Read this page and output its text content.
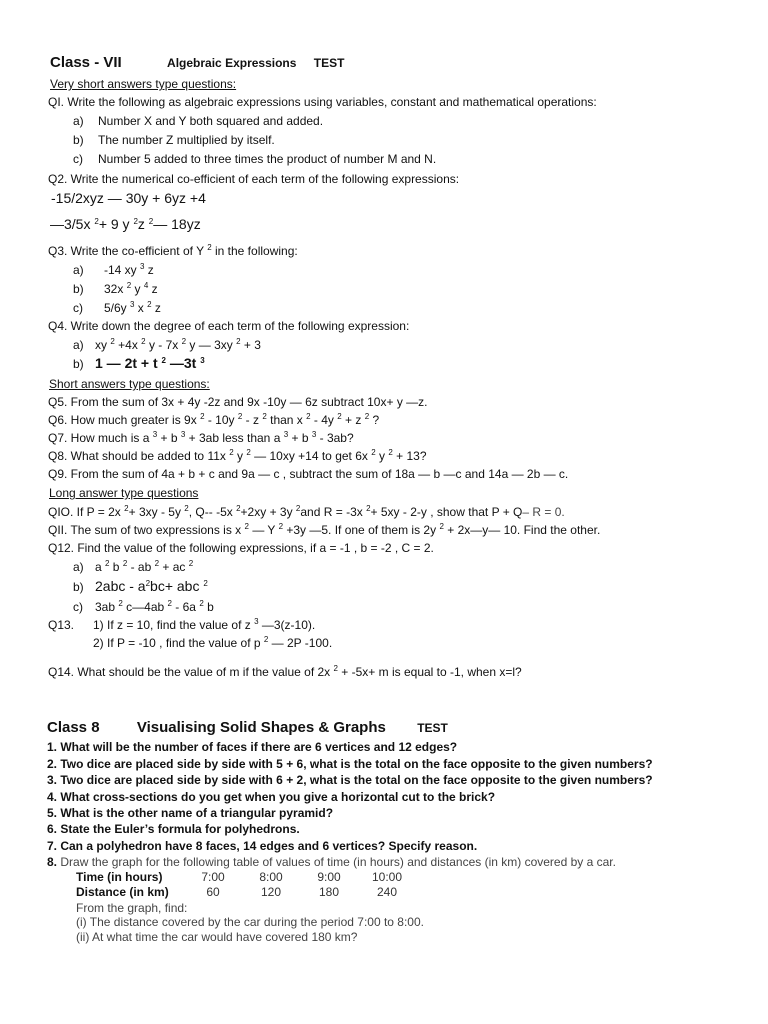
Class - VII	Algebraic Expressions TEST
Very short answers type questions:
QI. Write the following as algebraic expressions using variables, constant and mathematical operations:
a) Number X and Y both squared and added.
b) The number Z multiplied by itself.
c) Number 5 added to three times the product of number M and N.
Q2. Write the numerical co-efficient of each term of the following expressions:
-15/2xyz — 30y + 6yz +4
—3/5x $^2$+ 9 y $^2$z $^2$— 18yz
Q3. Write the co-efficient of Y $^2$ in the following:
a) -14 xy $^3$ z
b) 32x $^2$ y $^4$ z
c) 5/6y $^3$ x $^2$ z
Q4. Write down the degree of each term of the following expression:
a) xy $^2$ +4x $^2$ y - 7x $^2$ y — 3xy $^2$ + 3
b) 1 — 2t + t $^2$ —3t $^3$
Short answers type questions:
Q5. From the sum of 3x + 4y -2z and 9x -10y — 6z subtract 10x+ y —z.
Q6. How much greater is 9x $^2$ - 10y $^2$ - z $^2$ than x $^2$ - 4y $^2$ + z $^2$ ?
Q7. How much is a $^3$ + b $^3$ + 3ab less than a $^3$ + b $^3$ - 3ab?
Q8. What should be added to 11x $^2$ y $^2$ — 10xy +14 to get 6x $^2$ y $^2$ + 13?
Q9. From the sum of 4a + b + c and 9a — c , subtract the sum of 18a — b —c and 14a — 2b — c.
Long answer type questions
QIO. If P = 2x $^2$+ 3xy - 5y $^2$, Q-- -5x $^2$+2xy + 3y $^2$and R = -3x $^2$+ 5xy - 2-y , show that P + Q– R = 0.
QII. The sum of two expressions is x $^2$ — Y $^2$ +3y —5. If one of them is 2y $^2$ + 2x—y— 10. Find the other.
Q12. Find the value of the following expressions, if a = -1 , b = -2 , C = 2.
a) a $^2$ b $^2$ - ab $^2$ + ac $^2$
b) $2abc - a^2bc+$ abc $^2$
c) 3ab $^2$ c—4ab $^2$ - 6a $^2$ b
Q13. 1) If z = 10, find the value of z $^3$ —3(z-10).
2) If P = -10 , find the value of p $^2$ — 2P -100.
Q14. What should be the value of m if the value of 2x $^2$ + -5x+ m is equal to -1, when x=l?
Class 8 Visualising Solid Shapes & Graphs	TEST
1. What will be the number of faces if there are 6 vertices and 12 edges?
2. Two dice are placed side by side with 5 + 6, what is the total on the face opposite to the given numbers?
3. Two dice are placed side by side with 6 + 2, what is the total on the face opposite to the given numbers?
4. What cross-sections do you get when you give a horizontal cut to the brick?
5. What is the other name of a triangular pyramid?
6. State the Euler’s formula for polyhedrons.
7. Can a polyhedron have 8 faces, 14 edges and 6 vertices? Specify reason.
8. Draw the graph for the following table of values of time (in hours) and distances (in km) covered by a car.
Time (in hours)	7:00	8:00	9:00	10:00
Distance (in km)	60	120	180	240
From the graph, find:
(i) The distance covered by the car during the period 7:00 to 8:00.
(ii) At what time the car would have covered 180 km?
